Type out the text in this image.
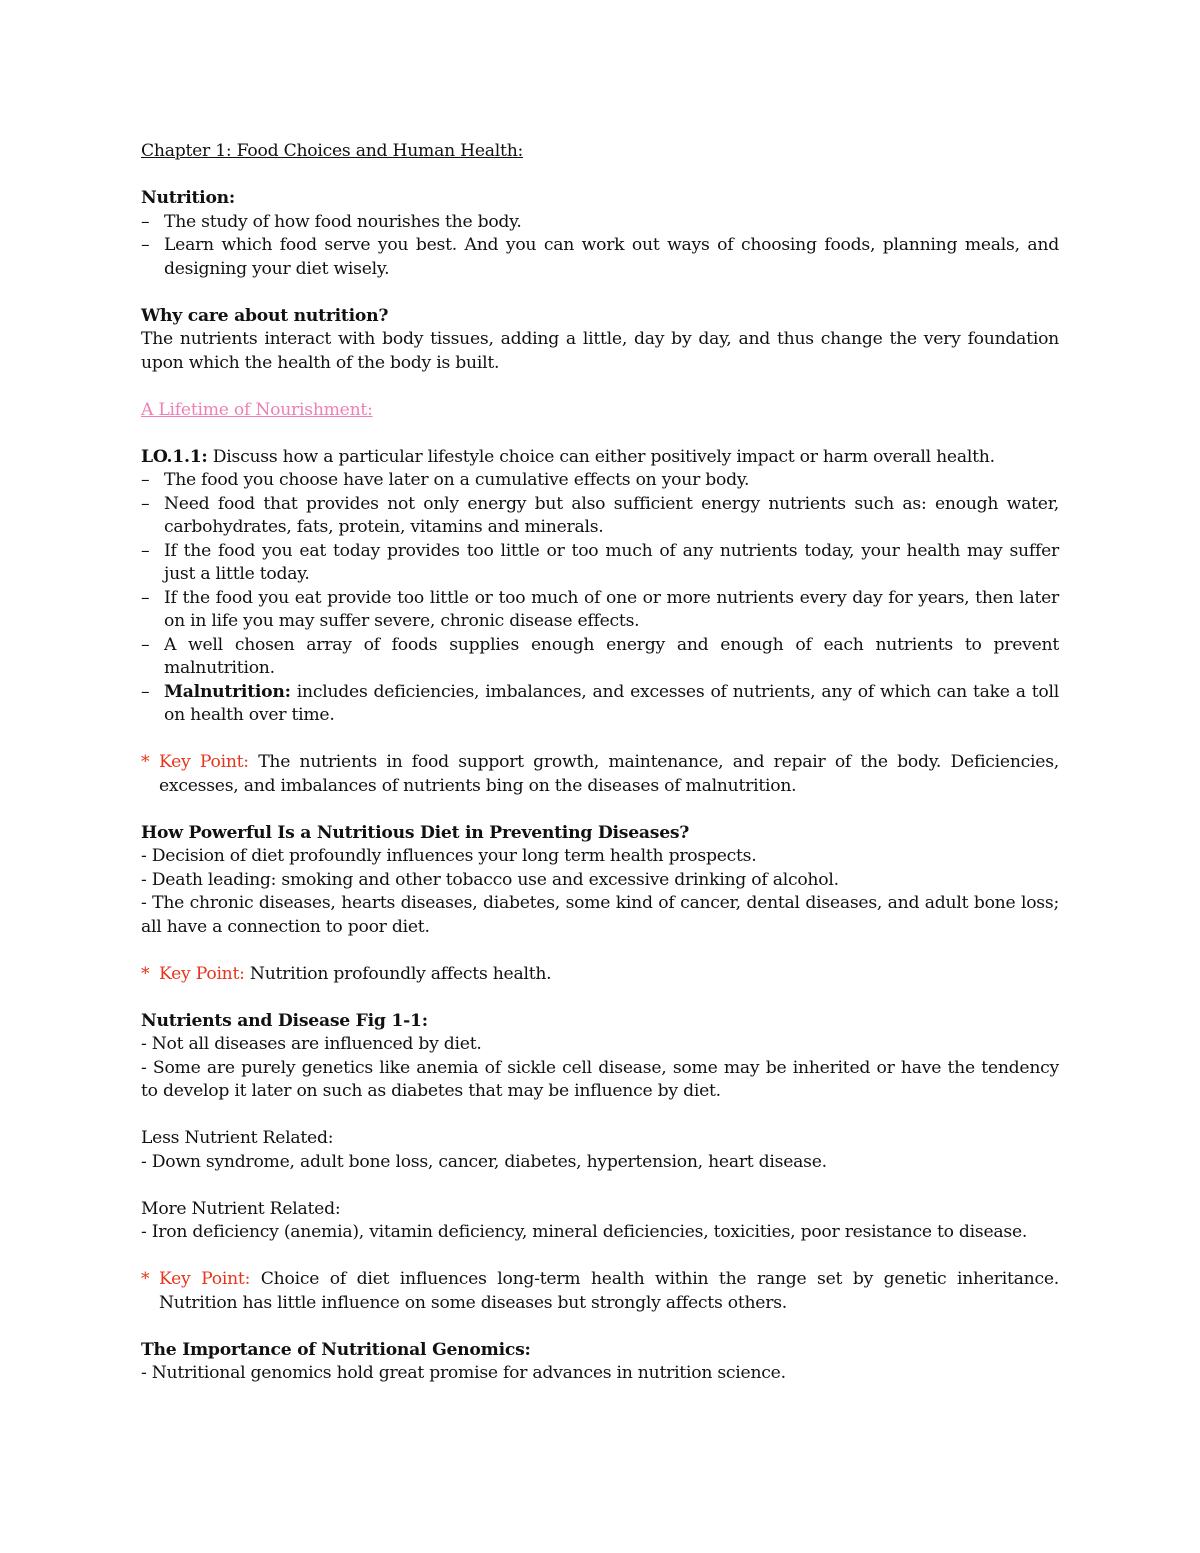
Chapter 1: Food Choices and Human Health:

Nutrition:

– The study of how food nourishes the body.
– Learn which food serve you best. And you can work out ways of choosing foods, planning meals, and designing your diet wisely.

Why care about nutrition?

The nutrients interact with body tissues, adding a little, day by day, and thus change the very foundation upon which the health of the body is built.

A Lifetime of Nourishment:

LO.1.1: Discuss how a particular lifestyle choice can either positively impact or harm overall health.

– The food you choose have later on a cumulative effects on your body.
– Need food that provides not only energy but also sufficient energy nutrients such as: enough water, carbohydrates, fats, protein, vitamins and minerals.
– If the food you eat today provides too little or too much of any nutrients today, your health may suffer just a little today.
– If the food you eat provide too little or too much of one or more nutrients every day for years, then later on in life you may suffer severe, chronic disease effects.
– A well chosen array of foods supplies enough energy and enough of each nutrients to prevent malnutrition.
– Malnutrition: includes deficiencies, imbalances, and excesses of nutrients, any of which can take a toll on health over time.

* Key Point: The nutrients in food support growth, maintenance, and repair of the body. Deficiencies, excesses, and imbalances of nutrients bing on the diseases of malnutrition.

How Powerful Is a Nutritious Diet in Preventing Diseases?

- Decision of diet profoundly influences your long term health prospects.

- Death leading: smoking and other tobacco use and excessive drinking of alcohol.

- The chronic diseases, hearts diseases, diabetes, some kind of cancer, dental diseases, and adult bone loss; all have a connection to poor diet.

* Key Point: Nutrition profoundly affects health.

Nutrients and Disease Fig 1-1:

- Not all diseases are influenced by diet.

- Some are purely genetics like anemia of sickle cell disease, some may be inherited or have the tendency to develop it later on such as diabetes that may be influence by diet.

Less Nutrient Related:

- Down syndrome, adult bone loss, cancer, diabetes, hypertension, heart disease.

More Nutrient Related:

- Iron deficiency (anemia), vitamin deficiency, mineral deficiencies, toxicities, poor resistance to disease.

* Key Point: Choice of diet influences long-term health within the range set by genetic inheritance. Nutrition has little influence on some diseases but strongly affects others.

The Importance of Nutritional Genomics:

- Nutritional genomics hold great promise for advances in nutrition science.
